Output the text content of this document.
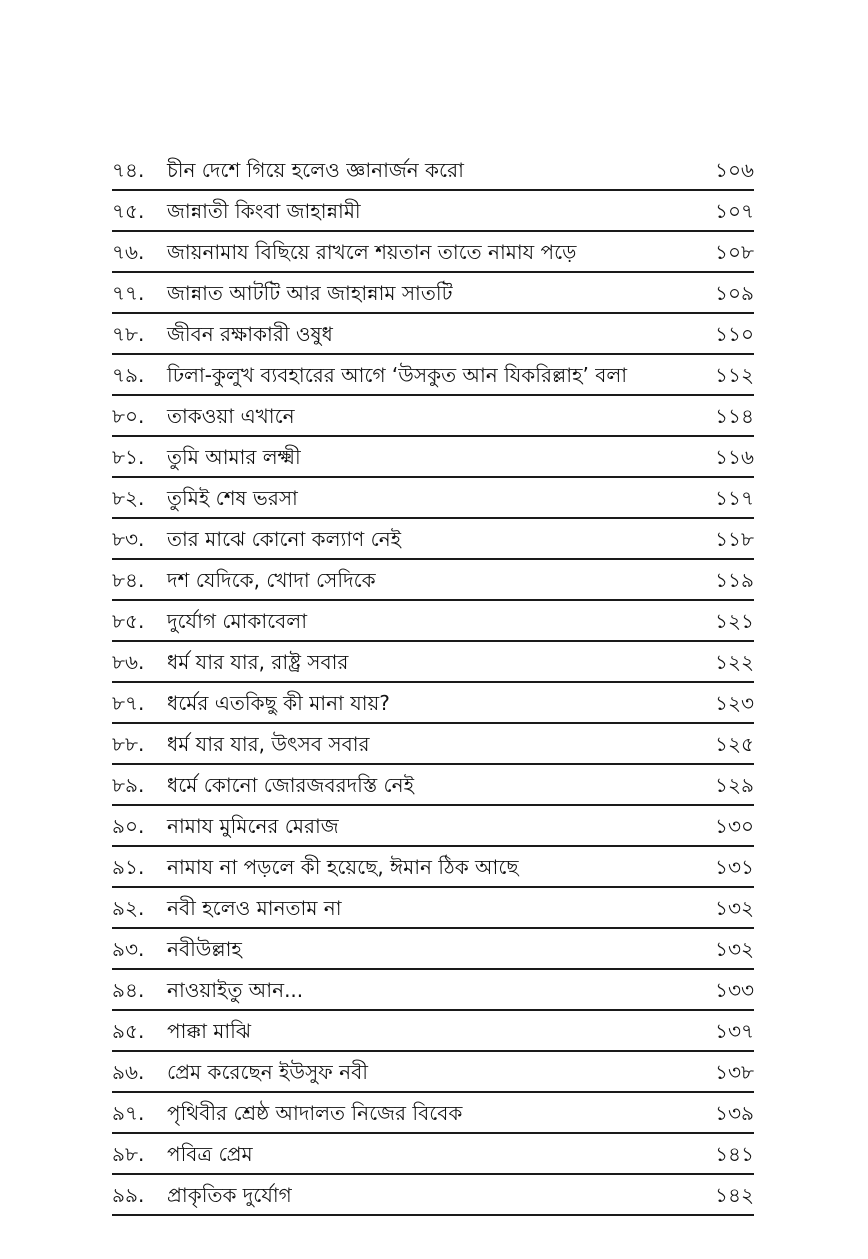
৭৪.	চীন দেশে গিয়ে হলেও জ্ঞানার্জন করো	১০৬
৭৫.	জান্নাতী কিংবা জাহান্নামী	১০৭
৭৬.	জায়নামায বিছিয়ে রাখলে শয়তান তাতে নামায পড়ে	১০৮
৭৭.	জান্নাত আটটি আর জাহান্নাম সাতটি	১০৯
৭৮.	জীবন রক্ষাকারী ওষুধ	১১০
৭৯.	ঢিলা-কুলুখ ব্যবহারের আগে ‘উসকুত আন যিকরিল্লাহ’ বলা	১১২
৮০.	তাকওয়া এখানে	১১৪
৮১.	তুমি আমার লক্ষ্মী	১১৬
৮২.	তুমিই শেষ ভরসা	১১৭
৮৩.	তার মাঝে কোনো কল্যাণ নেই	১১৮
৮৪.	দশ যেদিকে, খোদা সেদিকে	১১৯
৮৫.	দুর্যোগ মোকাবেলা	১২১
৮৬.	ধর্ম যার যার, রাষ্ট্র সবার	১২২
৮৭.	ধর্মের এতকিছু কী মানা যায়?	১২৩
৮৮.	ধর্ম যার যার, উৎসব সবার	১২৫
৮৯.	ধর্মে কোনো জোরজবরদস্তি নেই	১২৯
৯০.	নামায মুমিনের মেরাজ	১৩০
৯১.	নামায না পড়লে কী হয়েছে, ঈমান ঠিক আছে	১৩১
৯২.	নবী হলেও মানতাম না	১৩২
৯৩.	নবীউল্লাহ	১৩২
৯৪.	নাওয়াইতু আন...	১৩৩
৯৫.	পাক্কা মাঝি	১৩৭
৯৬.	প্রেম করেছেন ইউসুফ নবী	১৩৮
৯৭.	পৃথিবীর শ্রেষ্ঠ আদালত নিজের বিবেক	১৩৯
৯৮.	পবিত্র প্রেম	১৪১
৯৯.	প্রাকৃতিক দুর্যোগ	১৪২
